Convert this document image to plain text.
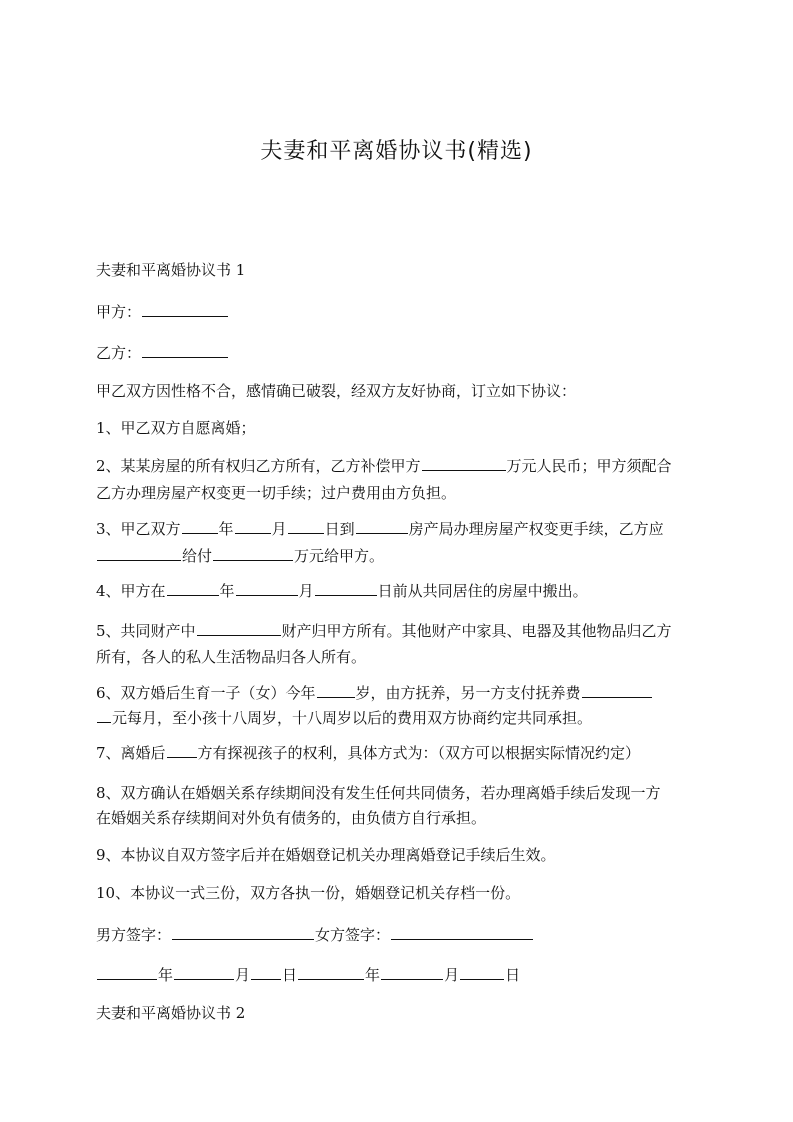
夫妻和平离婚协议书(精选)
夫妻和平离婚协议书 1
甲方：
乙方：
甲乙双方因性格不合，感情确已破裂，经双方友好协商，订立如下协议：
1、甲乙双方自愿离婚；
2、某某房屋的所有权归乙方所有，乙方补偿甲方	万元人民币；甲方须配合
乙方办理房屋产权变更一切手续；过户费用由方负担。
3、甲乙双方	年	月	日到	房产局办理房屋产权变更手续，乙方应
给付	万元给甲方。
4、甲方在	年	月	日前从共同居住的房屋中搬出。
5、共同财产中	财产归甲方所有。其他财产中家具、电器及其他物品归乙方
所有，各人的私人生活物品归各人所有。
6、双方婚后生育一子（女）今年	岁，由方抚养，另一方支付抚养费
元每月，至小孩十八周岁，十八周岁以后的费用双方协商约定共同承担。
7、离婚后 方有探视孩子的权利，具体方式为：（双方可以根据实际情况约定）
8、双方确认在婚姻关系存续期间没有发生任何共同债务，若办理离婚手续后发现一方
在婚姻关系存续期间对外负有债务的，由负债方自行承担。
9、本协议自双方签字后并在婚姻登记机关办理离婚登记手续后生效。
10、本协议一式三份，双方各执一份，婚姻登记机关存档一份。
男方签字：	女方签字：
年	月 日	年	月	日
夫妻和平离婚协议书 2
